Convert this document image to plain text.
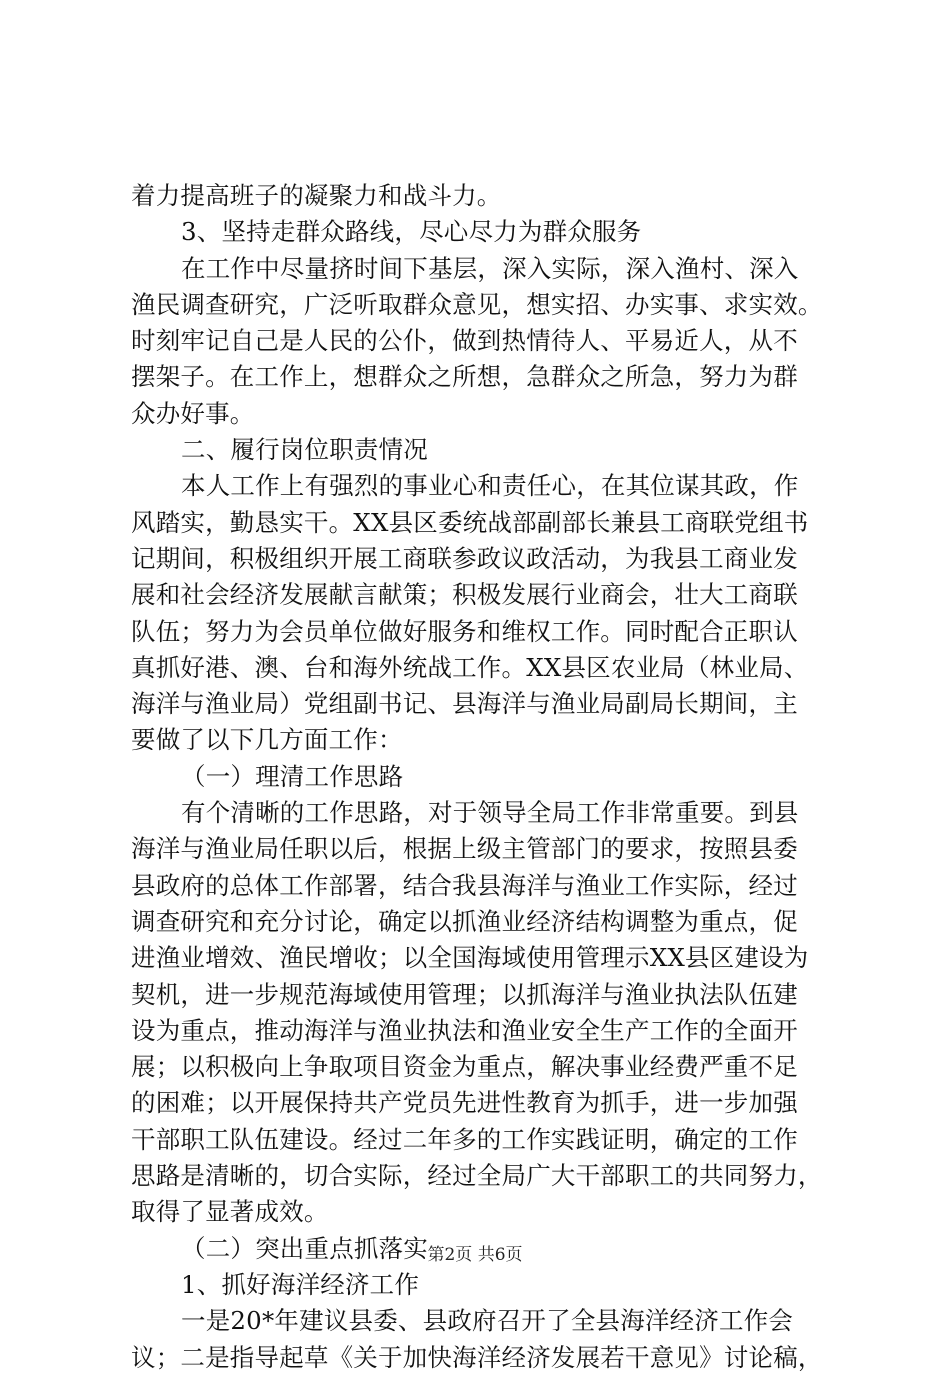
着力提高班子的凝聚力和战斗力。
3、坚持走群众路线，尽心尽力为群众服务
在工作中尽量挤时间下基层，深入实际，深入渔村、深入
渔民调查研究，广泛听取群众意见，想实招、办实事、求实效。
时刻牢记自己是人民的公仆，做到热情待人、平易近人，从不
摆架子。在工作上，想群众之所想，急群众之所急，努力为群
众办好事。
二、履行岗位职责情况
本人工作上有强烈的事业心和责任心，在其位谋其政，作
风踏实，勤恳实干。XX县区委统战部副部长兼县工商联党组书
记期间，积极组织开展工商联参政议政活动，为我县工商业发
展和社会经济发展献言献策；积极发展行业商会，壮大工商联
队伍；努力为会员单位做好服务和维权工作。同时配合正职认
真抓好港、澳、台和海外统战工作。XX县区农业局（林业局、
海洋与渔业局）党组副书记、县海洋与渔业局副局长期间，主
要做了以下几方面工作：
（一）理清工作思路
有个清晰的工作思路，对于领导全局工作非常重要。到县
海洋与渔业局任职以后，根据上级主管部门的要求，按照县委
县政府的总体工作部署，结合我县海洋与渔业工作实际，经过
调查研究和充分讨论，确定以抓渔业经济结构调整为重点，促
进渔业增效、渔民增收；以全国海域使用管理示XX县区建设为
契机，进一步规范海域使用管理；以抓海洋与渔业执法队伍建
设为重点，推动海洋与渔业执法和渔业安全生产工作的全面开
展；以积极向上争取项目资金为重点，解决事业经费严重不足
的困难；以开展保持共产党员先进性教育为抓手，进一步加强
干部职工队伍建设。经过二年多的工作实践证明，确定的工作
思路是清晰的，切合实际，经过全局广大干部职工的共同努力，
取得了显著成效。
（二）突出重点抓落实
1、抓好海洋经济工作
一是20*年建议县委、县政府召开了全县海洋经济工作会
议；二是指导起草《关于加快海洋经济发展若干意见》讨论稿，
第2页 共6页
